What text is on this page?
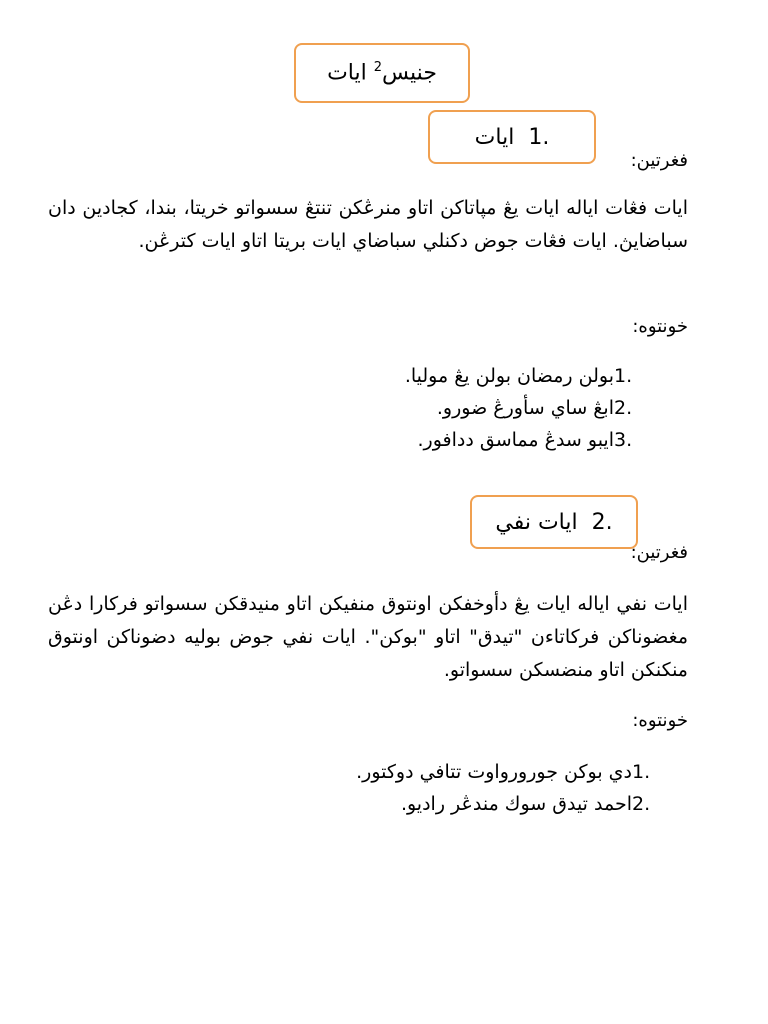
جنيس$^2$ ايات
1.
ايات
فغرتين:
ايات فڠات اياله ايات يڠ مڽاتاكن اتاو منرڠكن تنتڠ سسواتو خريتا، بندا، كجادين دان سباضايڽ. ايات فڠات جوض دكنلي سباضاي ايات بريتا اتاو ايات كترڠن.
خونتوه:
1.
بولن رمضان بولن يڠ موليا.
2.
ابڠ ساي سأورڠ ضورو.
3.
ايبو سدڠ مماسق ددافور.
2.
ايات نفي
فغرتين:
ايات نفي اياله ايات يڠ دأوخفكن اونتوق منفيكن اتاو منيدقكن سسواتو فركارا دڠن مغضوناكن فركاتاءن "تيدق" اتاو "بوكن". ايات نفي جوض بوليه دضوناكن اونتوق منكنكن اتاو منضسكن سسواتو.
خونتوه:
1.
دي بوكن جورورواوت تتافي دوكتور.
2.
احمد تيدق سوك مندڠر راديو.
